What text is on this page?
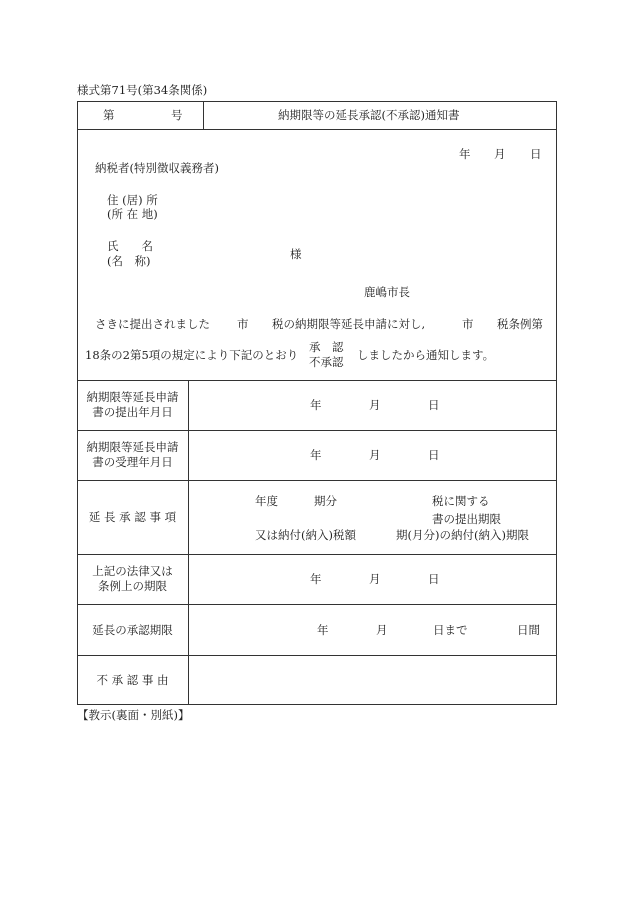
様式第71号(第34条関係)
第	号	納期限等の延長承認(不承認)通知書
年 月 日
納税者(特別徴収義務者)
住 (居) 所
(所 在 地)
氏　　名
(名　称)	様
鹿嶋市長
さきに提出されました 市 税の納期限等延長申請に対し,	市 税条例第
18条の2第5項の規定により下記のとおり
承　認
不承認 しましたから通知します。
納期限等延長申請
書の提出年月日	年	月	日
納期限等延長申請
書の受理年月日	年	月	日
延 長 承 認 事 項
年度	期分	税に関する
書の提出期限
又は納付(納入)税額	期(月分)の納付(納入)期限
上記の法律又は
条例上の期限	年	月	日
延長の承認期限	年	月	日まで	日間
不 承 認 事 由
【教示(裏面・別紙)】
